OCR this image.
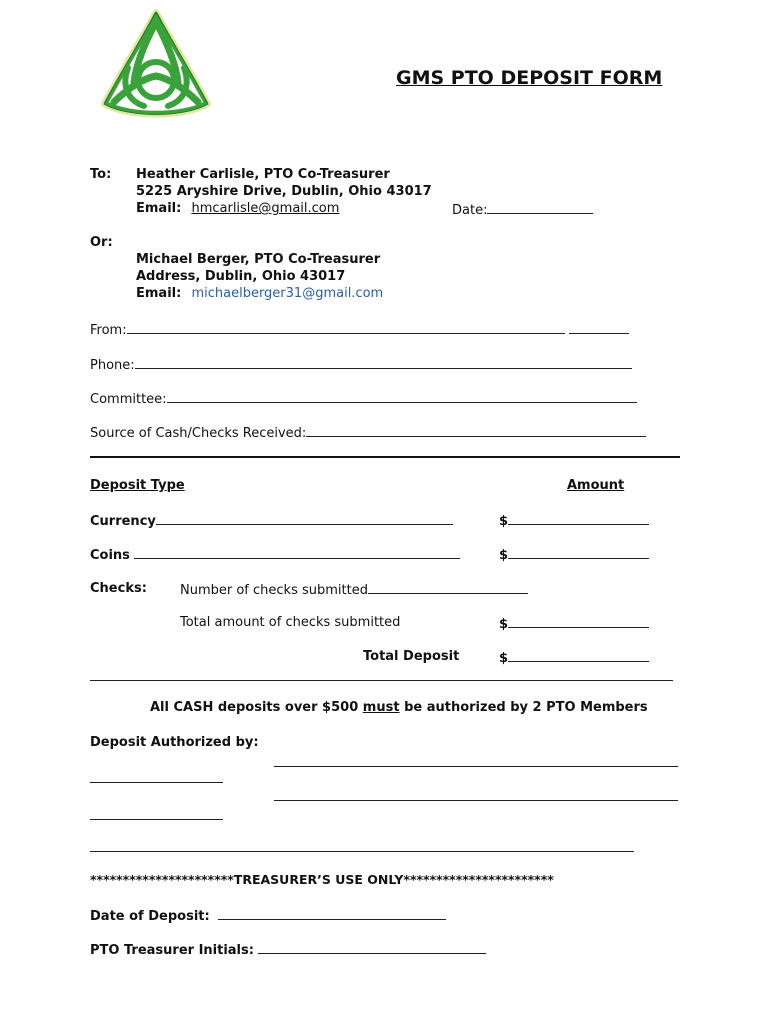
GMS PTO DEPOSIT FORM
To: Heather Carlisle, PTO Co-Treasurer
5225 Aryshire Drive, Dublin, Ohio 43017
Email: hmcarlisle@gmail.com	Date:
Or:
Michael Berger, PTO Co-Treasurer
Address, Dublin, Ohio 43017
Email: michaelberger31@gmail.com
From:
Phone:
Committee:
Source of Cash/Checks Received:
Deposit Type	Amount
Currency	$
Coins	$
Checks:	Number of checks submitted
Total amount of checks submitted	$
Total Deposit	$
All CASH deposits over $500 must be authorized by 2 PTO Members
Deposit Authorized by:
**********************TREASURER’S USE ONLY***********************
Date of Deposit:
PTO Treasurer Initials:
